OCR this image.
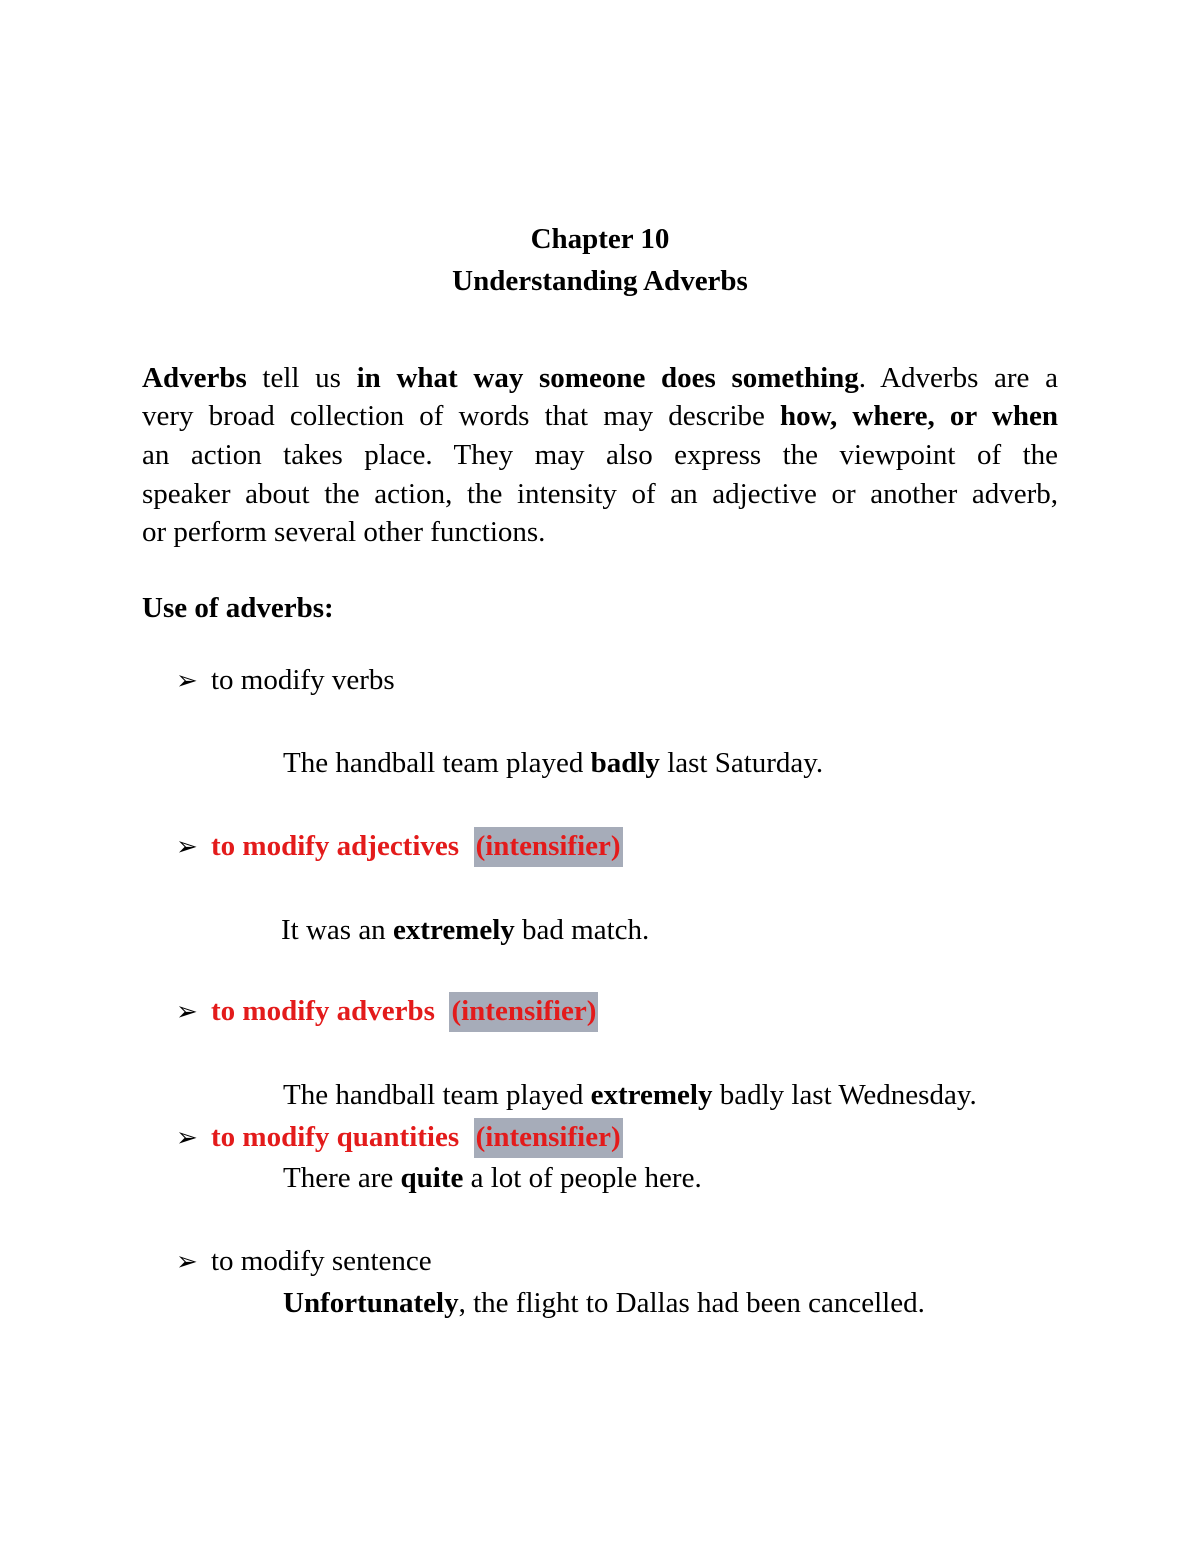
Chapter 10
Understanding Adverbs
Adverbs tell us in what way someone does something. Adverbs are a
very broad collection of words that may describe how, where, or when
an action takes place. They may also express the viewpoint of the
speaker about the action, the intensity of an adjective or another adverb,
or perform several other functions.
Use of adverbs:
➢ to modify verbs
The handball team played badly last Saturday.
➢ to modify adjectives (intensifier)
It was an extremely bad match.
➢ to modify adverbs (intensifier)
The handball team played extremely badly last Wednesday.
➢ to modify quantities (intensifier)
There are quite a lot of people here.
➢ to modify sentence
Unfortunately, the flight to Dallas had been cancelled.
